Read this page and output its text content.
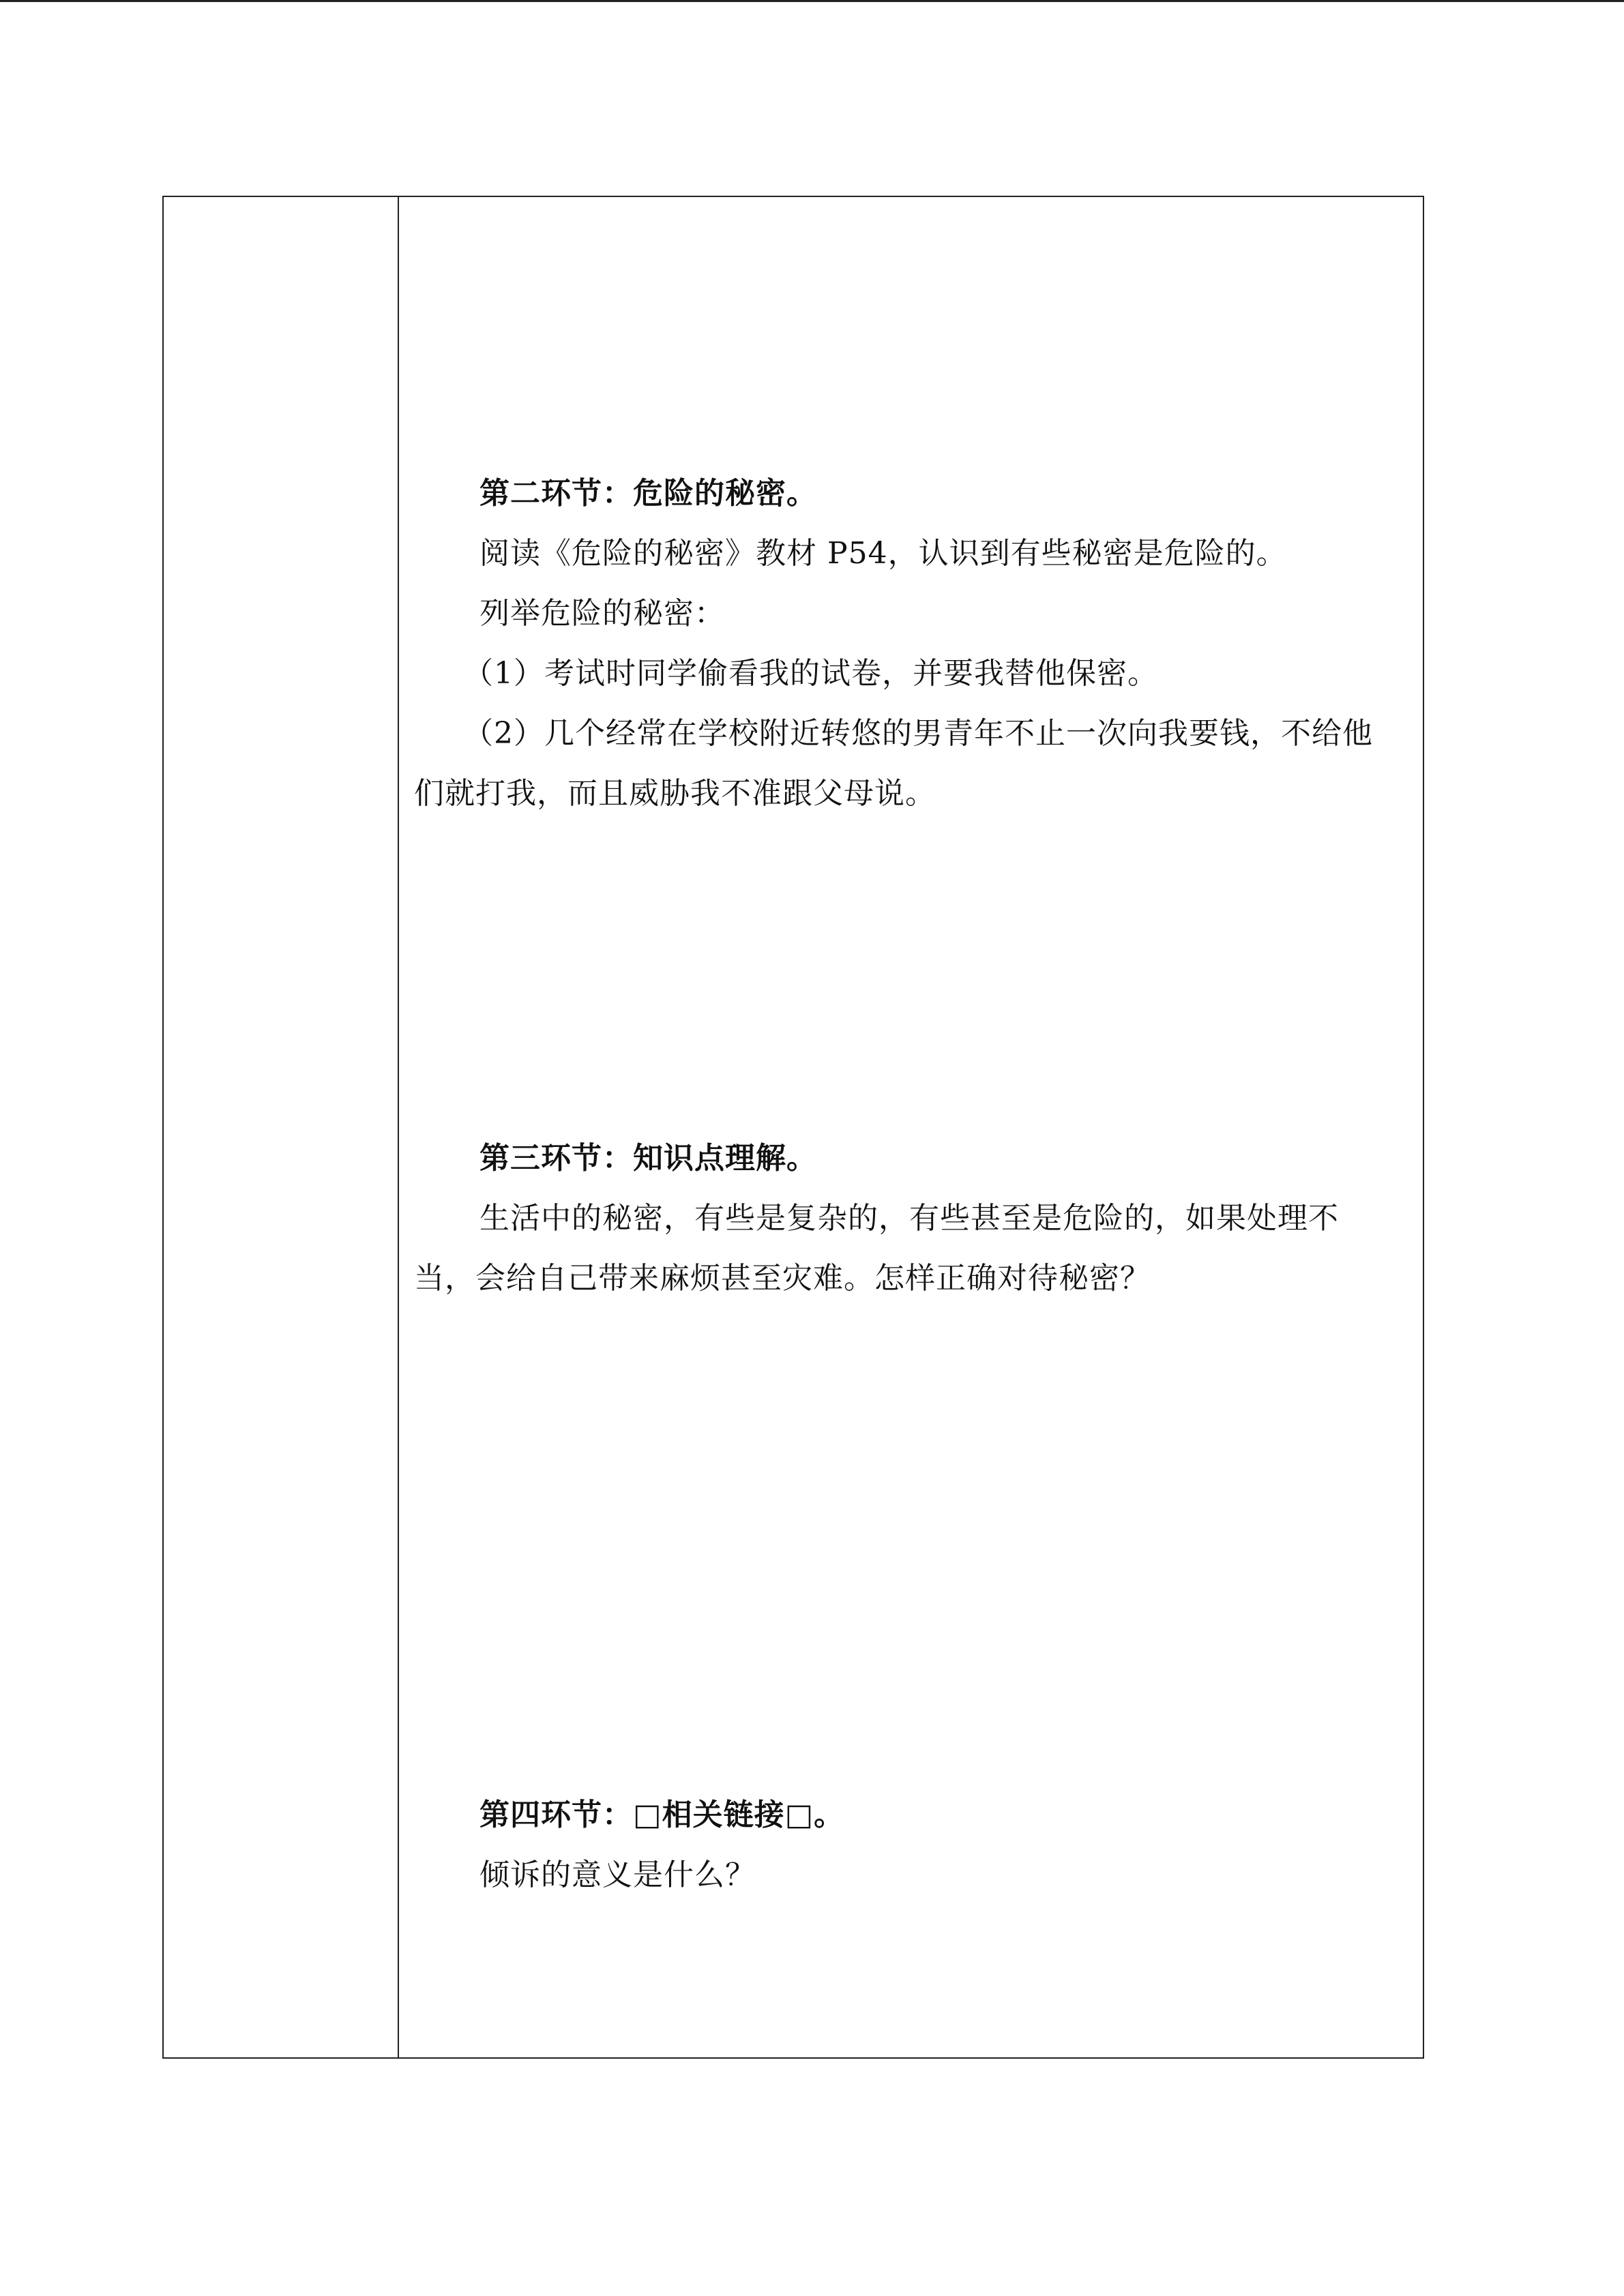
第二环节：危险的秘密。

阅读《危险的秘密》教材 P54，认识到有些秘密是危险的。

列举危险的秘密：

（1）考试时同学偷看我的试卷，并要我替他保密。

（2）几个经常在学校附近转悠的男青年不止一次向我要钱，不给他们就打我，而且威胁我不准跟父母说。

第三环节：知识点理解。

生活中的秘密，有些是复杂的，有些甚至是危险的，如果处理不当，会给自己带来麻烦甚至灾难。怎样正确对待秘密？

第四环节：□相关链接□。

倾诉的意义是什么？
